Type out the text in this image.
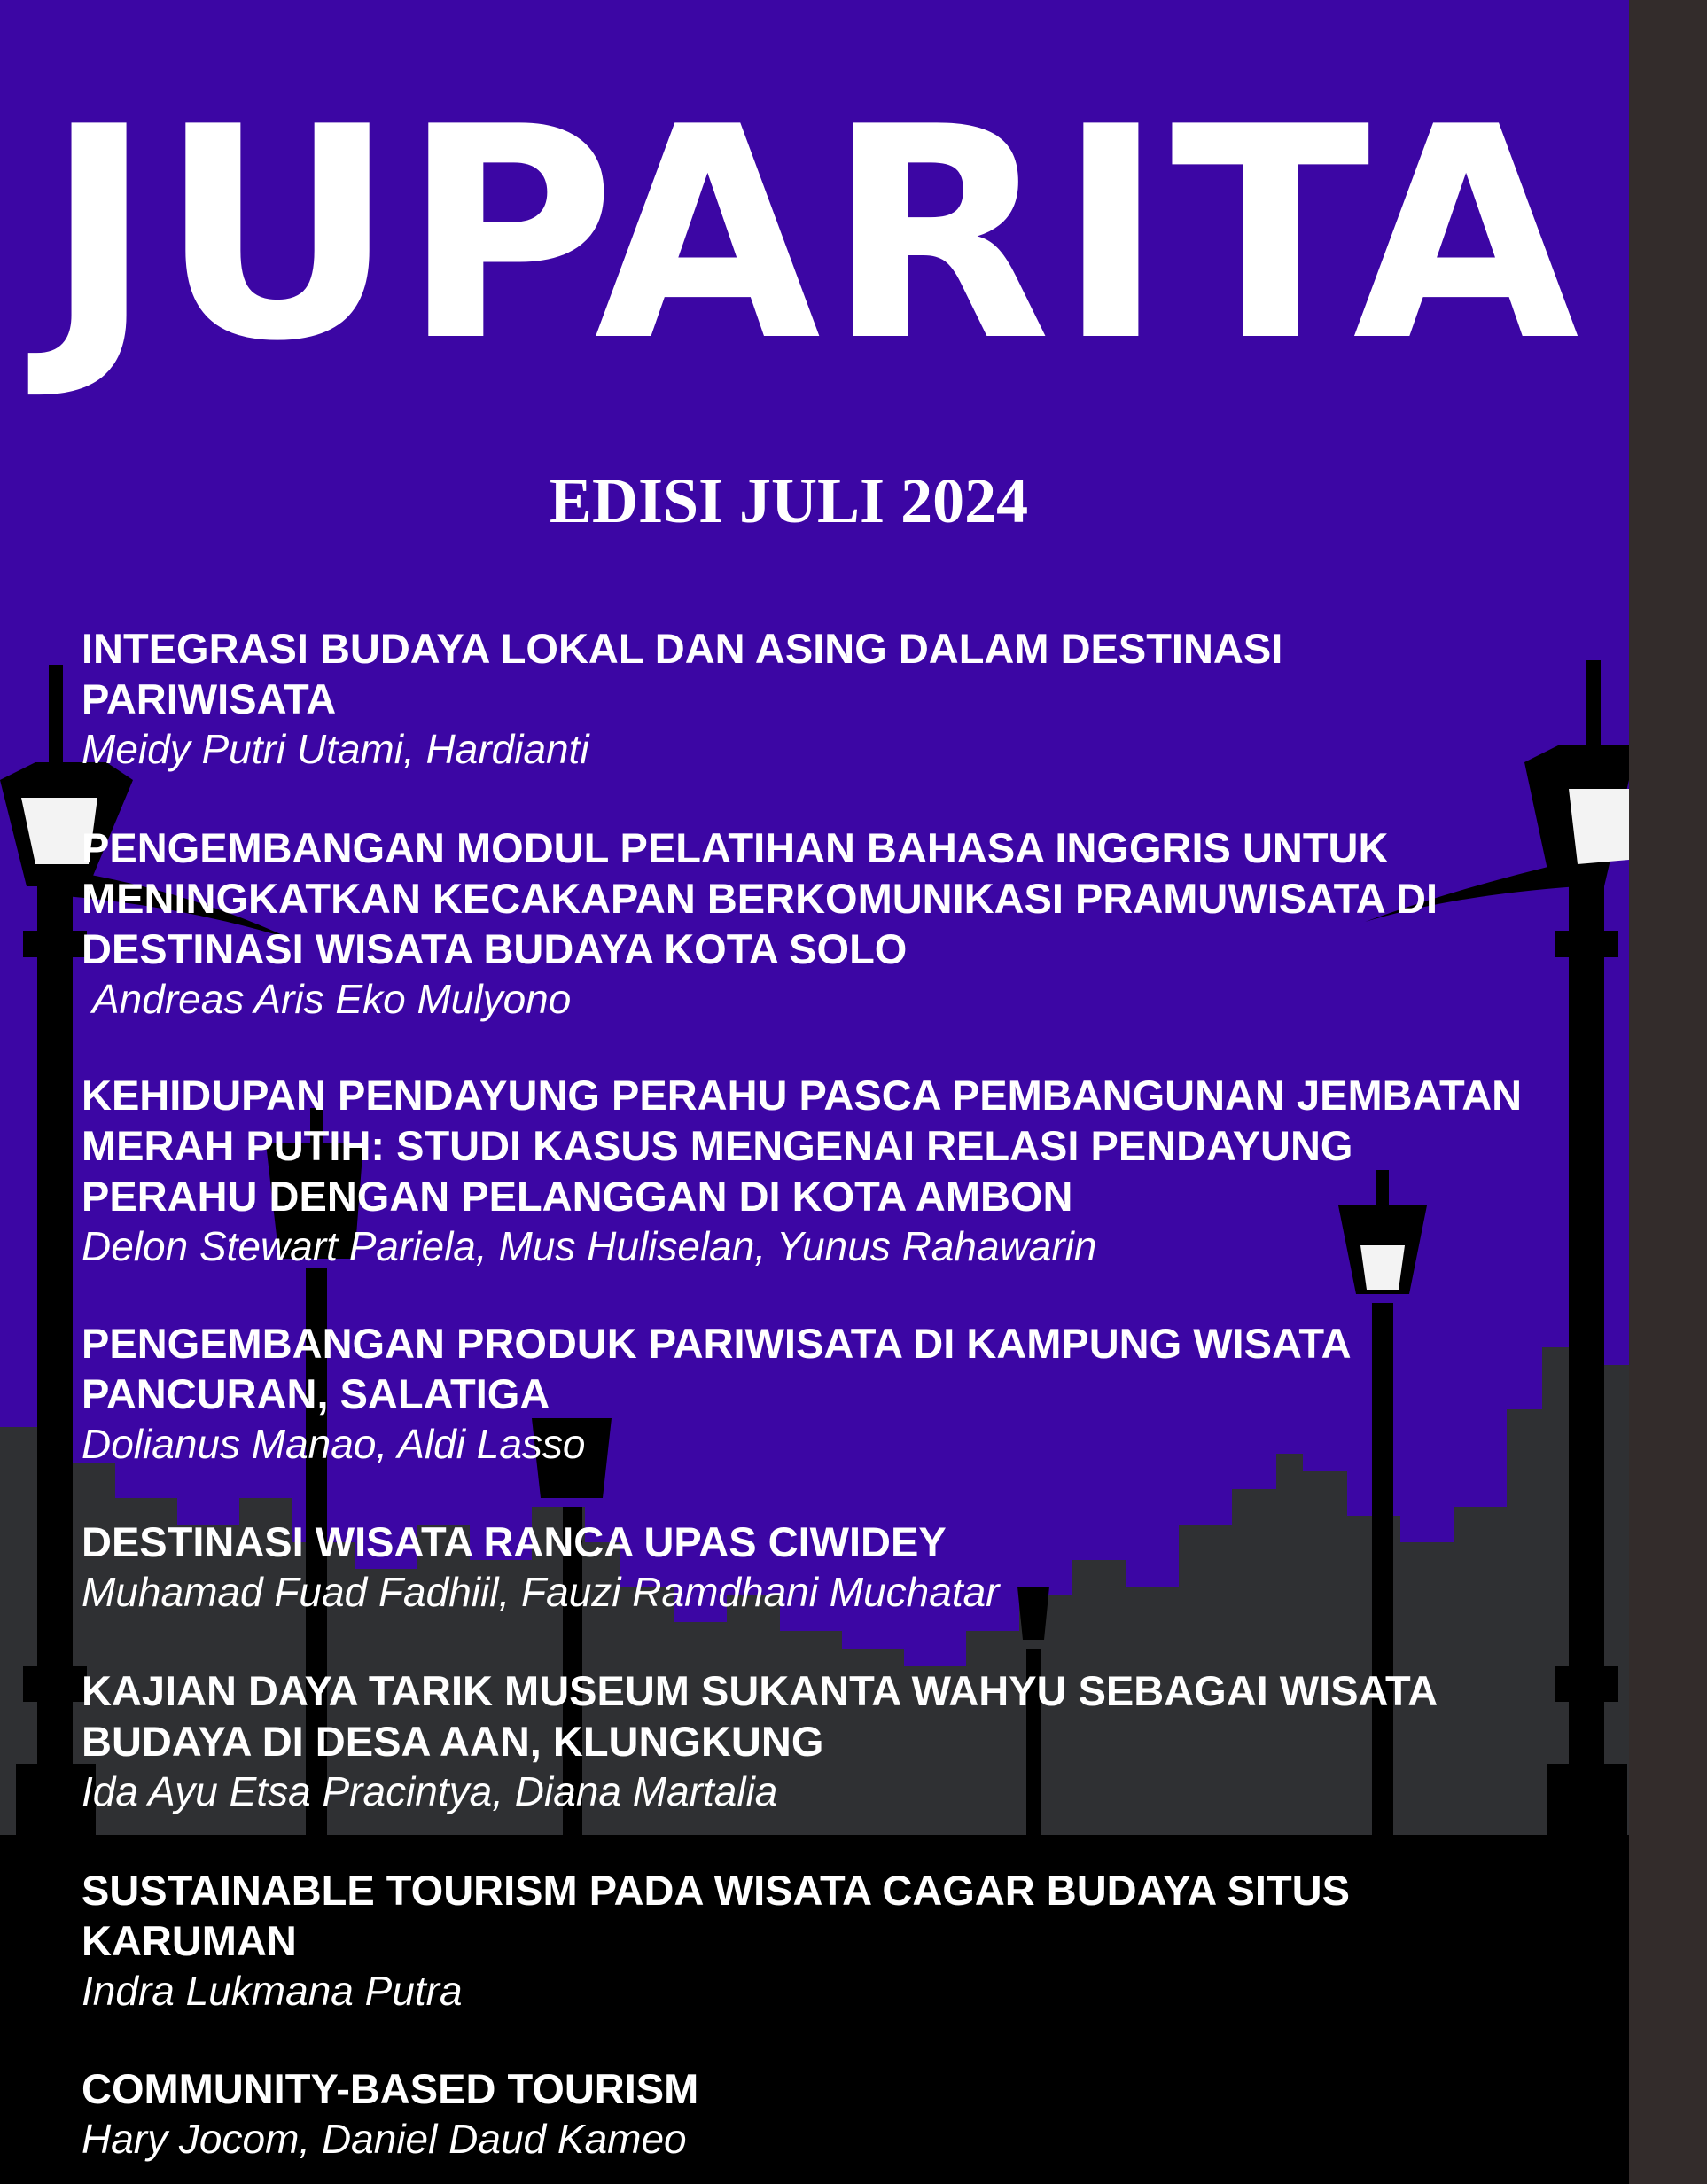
JUPARITA
EDISI JULI 2024

INTEGRASI BUDAYA LOKAL DAN ASING DALAM DESTINASI PARIWISATA

Meidy Putri Utami, Hardianti

PENGEMBANGAN MODUL PELATIHAN BAHASA INGGRIS UNTUK MENINGKATKAN KECAKAPAN BERKOMUNIKASI PRAMUWISATA DI DESTINASI WISATA BUDAYA KOTA SOLO

Andreas Aris Eko Mulyono

KEHIDUPAN PENDAYUNG PERAHU PASCA PEMBANGUNAN JEMBATAN MERAH PUTIH: STUDI KASUS MENGENAI RELASI PENDAYUNG PERAHU DENGAN PELANGGAN DI KOTA AMBON

Delon Stewart Pariela, Mus Huliselan, Yunus Rahawarin

PENGEMBANGAN PRODUK PARIWISATA DI KAMPUNG WISATA PANCURAN, SALATIGA

Dolianus Manao, Aldi Lasso

DESTINASI WISATA RANCA UPAS CIWIDEY

Muhamad Fuad Fadhiil, Fauzi Ramdhani Muchatar

KAJIAN DAYA TARIK MUSEUM SUKANTA WAHYU SEBAGAI WISATA BUDAYA DI DESA AAN, KLUNGKUNG

Ida Ayu Etsa Pracintya, Diana Martalia

SUSTAINABLE TOURISM PADA WISATA CAGAR BUDAYA SITUS KARUMAN

Indra Lukmana Putra

COMMUNITY-BASED TOURISM

Hary Jocom, Daniel Daud Kameo
